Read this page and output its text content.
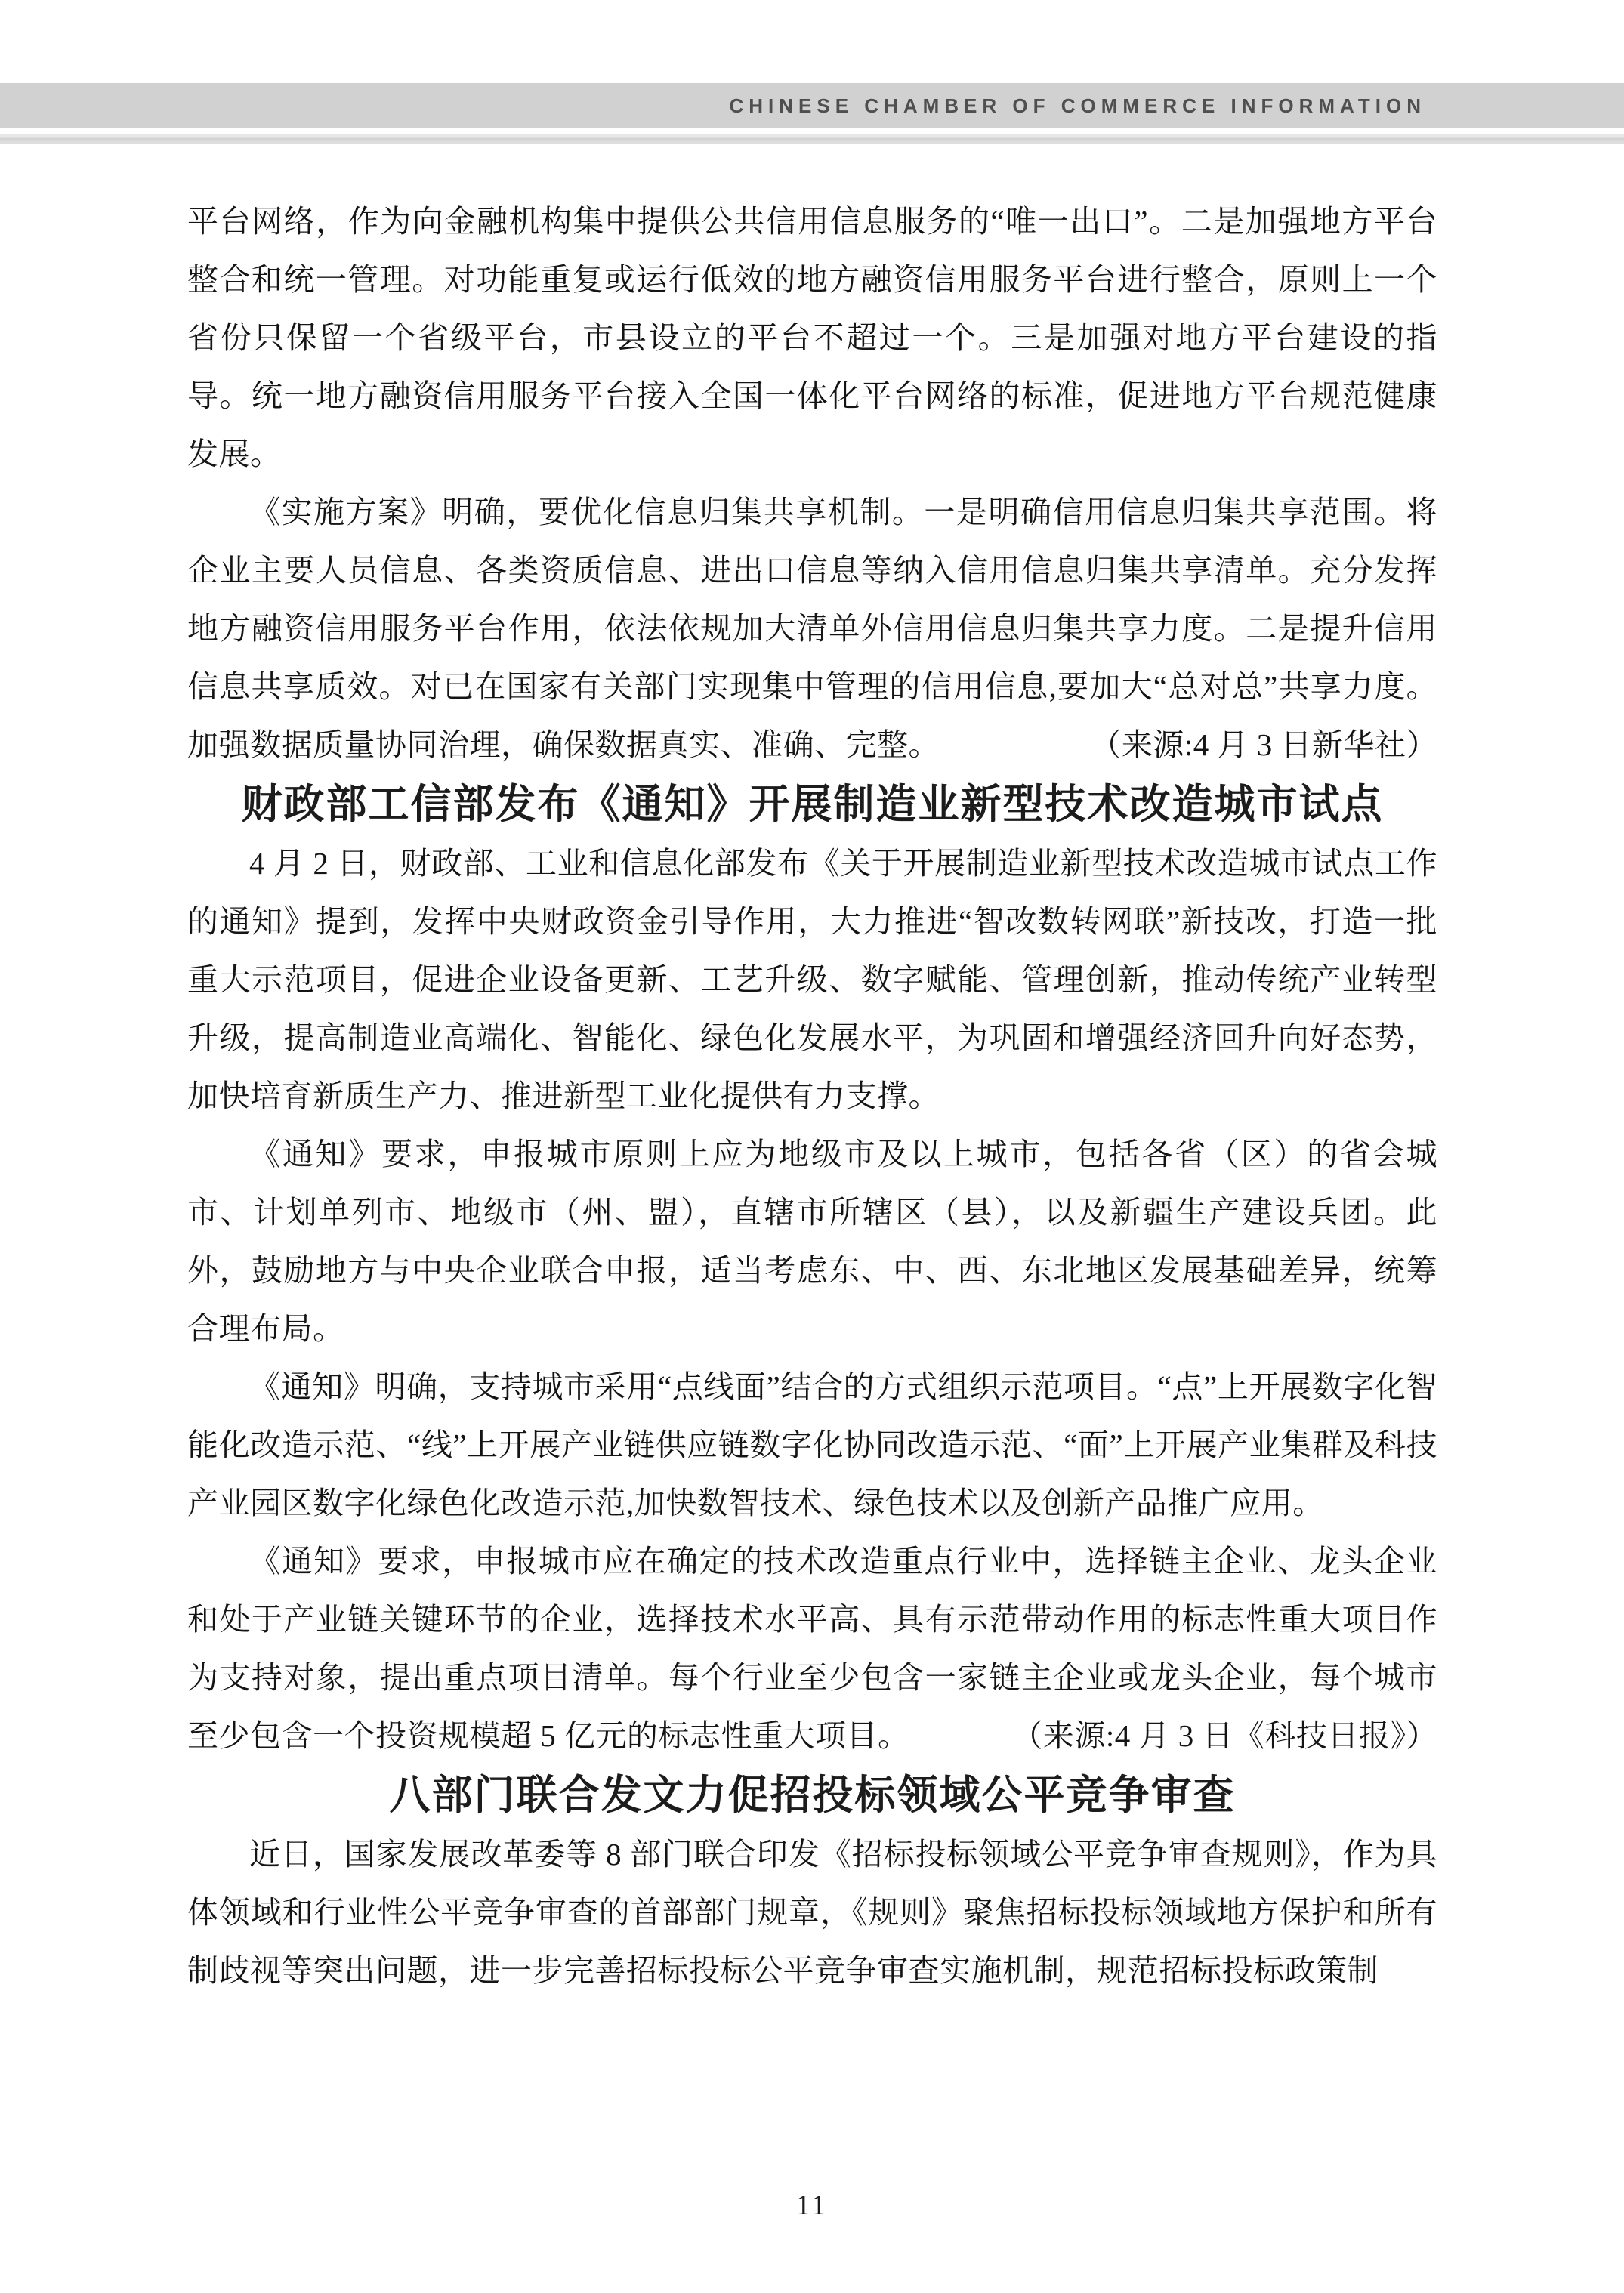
CHINESE CHAMBER OF COMMERCE INFORMATION

平台网络，作为向金融机构集中提供公共信用信息服务的“唯一出口”。二是加强地方平台整合和统一管理。对功能重复或运行低效的地方融资信用服务平台进行整合，原则上一个省份只保留一个省级平台，市县设立的平台不超过一个。三是加强对地方平台建设的指导。统一地方融资信用服务平台接入全国一体化平台网络的标准，促进地方平台规范健康发展。

《实施方案》明确，要优化信息归集共享机制。一是明确信用信息归集共享范围。将企业主要人员信息、各类资质信息、进出口信息等纳入信用信息归集共享清单。充分发挥地方融资信用服务平台作用，依法依规加大清单外信用信息归集共享力度。二是提升信用信息共享质效。对已在国家有关部门实现集中管理的信用信息,要加大“总对总”共享力度。加强数据质量协同治理，确保数据真实、准确、完整。	（来源:4 月 3 日新华社）

财政部工信部发布《通知》开展制造业新型技术改造城市试点

4 月 2 日，财政部、工业和信息化部发布《关于开展制造业新型技术改造城市试点工作的通知》提到，发挥中央财政资金引导作用，大力推进“智改数转网联”新技改，打造一批重大示范项目，促进企业设备更新、工艺升级、数字赋能、管理创新，推动传统产业转型升级，提高制造业高端化、智能化、绿色化发展水平，为巩固和增强经济回升向好态势，加快培育新质生产力、推进新型工业化提供有力支撑。

《通知》要求，申报城市原则上应为地级市及以上城市，包括各省（区）的省会城市、计划单列市、地级市（州、盟），直辖市所辖区（县），以及新疆生产建设兵团。此外，鼓励地方与中央企业联合申报，适当考虑东、中、西、东北地区发展基础差异，统筹合理布局。

《通知》明确，支持城市采用“点线面”结合的方式组织示范项目。“点”上开展数字化智能化改造示范、“线”上开展产业链供应链数字化协同改造示范、“面”上开展产业集群及科技产业园区数字化绿色化改造示范,加快数智技术、绿色技术以及创新产品推广应用。

《通知》要求，申报城市应在确定的技术改造重点行业中，选择链主企业、龙头企业和处于产业链关键环节的企业，选择技术水平高、具有示范带动作用的标志性重大项目作为支持对象，提出重点项目清单。每个行业至少包含一家链主企业或龙头企业，每个城市至少包含一个投资规模超 5 亿元的标志性重大项目。	（来源:4 月 3 日《科技日报》）

八部门联合发文力促招投标领域公平竞争审查

近日，国家发展改革委等 8 部门联合印发《招标投标领域公平竞争审查规则》，作为具体领域和行业性公平竞争审查的首部部门规章，《规则》聚焦招标投标领域地方保护和所有制歧视等突出问题，进一步完善招标投标公平竞争审查实施机制，规范招标投标政策制

11
